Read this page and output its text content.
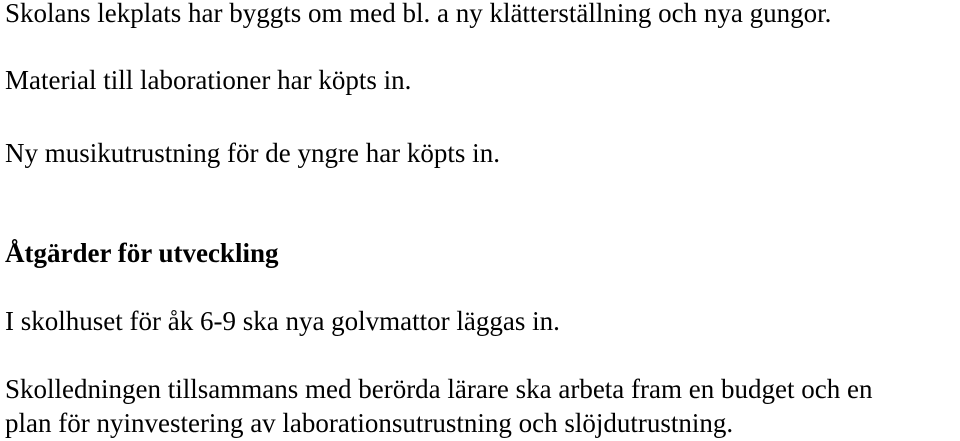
Skolans lekplats har byggts om med bl. a ny klätterställning och nya gungor.

Material till laborationer har köpts in.

Ny musikutrustning för de yngre har köpts in.

Åtgärder för utveckling

I skolhuset för åk 6-9 ska nya golvmattor läggas in.

Skolledningen tillsammans med berörda lärare ska arbeta fram en budget och en

plan för nyinvestering av laborationsutrustning och slöjdutrustning.
